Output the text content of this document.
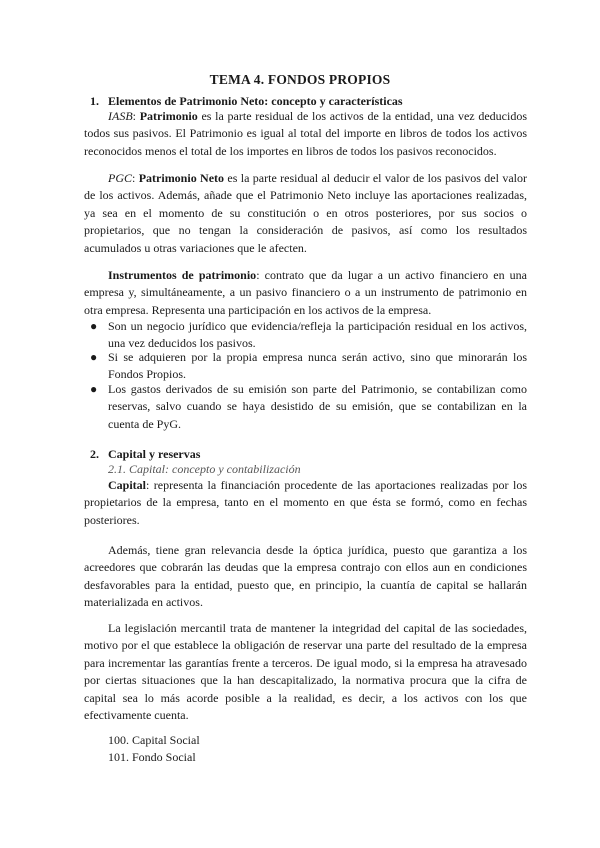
TEMA 4. FONDOS PROPIOS
1. Elementos de Patrimonio Neto: concepto y características
IASB: Patrimonio es la parte residual de los activos de la entidad, una vez deducidos todos sus pasivos. El Patrimonio es igual al total del importe en libros de todos los activos reconocidos menos el total de los importes en libros de todos los pasivos reconocidos.
PGC: Patrimonio Neto es la parte residual al deducir el valor de los pasivos del valor de los activos. Además, añade que el Patrimonio Neto incluye las aportaciones realizadas, ya sea en el momento de su constitución o en otros posteriores, por sus socios o propietarios, que no tengan la consideración de pasivos, así como los resultados acumulados u otras variaciones que le afecten.
Instrumentos de patrimonio: contrato que da lugar a un activo financiero en una empresa y, simultáneamente, a un pasivo financiero o a un instrumento de patrimonio en otra empresa. Representa una participación en los activos de la empresa.
● Son un negocio jurídico que evidencia/refleja la participación residual en los activos, una vez deducidos los pasivos.
● Si se adquieren por la propia empresa nunca serán activo, sino que minorarán los Fondos Propios.
● Los gastos derivados de su emisión son parte del Patrimonio, se contabilizan como reservas, salvo cuando se haya desistido de su emisión, que se contabilizan en la cuenta de PyG.
2. Capital y reservas
2.1. Capital: concepto y contabilización
Capital: representa la financiación procedente de las aportaciones realizadas por los propietarios de la empresa, tanto en el momento en que ésta se formó, como en fechas posteriores.
Además, tiene gran relevancia desde la óptica jurídica, puesto que garantiza a los acreedores que cobrarán las deudas que la empresa contrajo con ellos aun en condiciones desfavorables para la entidad, puesto que, en principio, la cuantía de capital se hallarán materializada en activos.
La legislación mercantil trata de mantener la integridad del capital de las sociedades, motivo por el que establece la obligación de reservar una parte del resultado de la empresa para incrementar las garantías frente a terceros. De igual modo, si la empresa ha atravesado por ciertas situaciones que la han descapitalizado, la normativa procura que la cifra de capital sea lo más acorde posible a la realidad, es decir, a los activos con los que efectivamente cuenta.
100. Capital Social
101. Fondo Social
